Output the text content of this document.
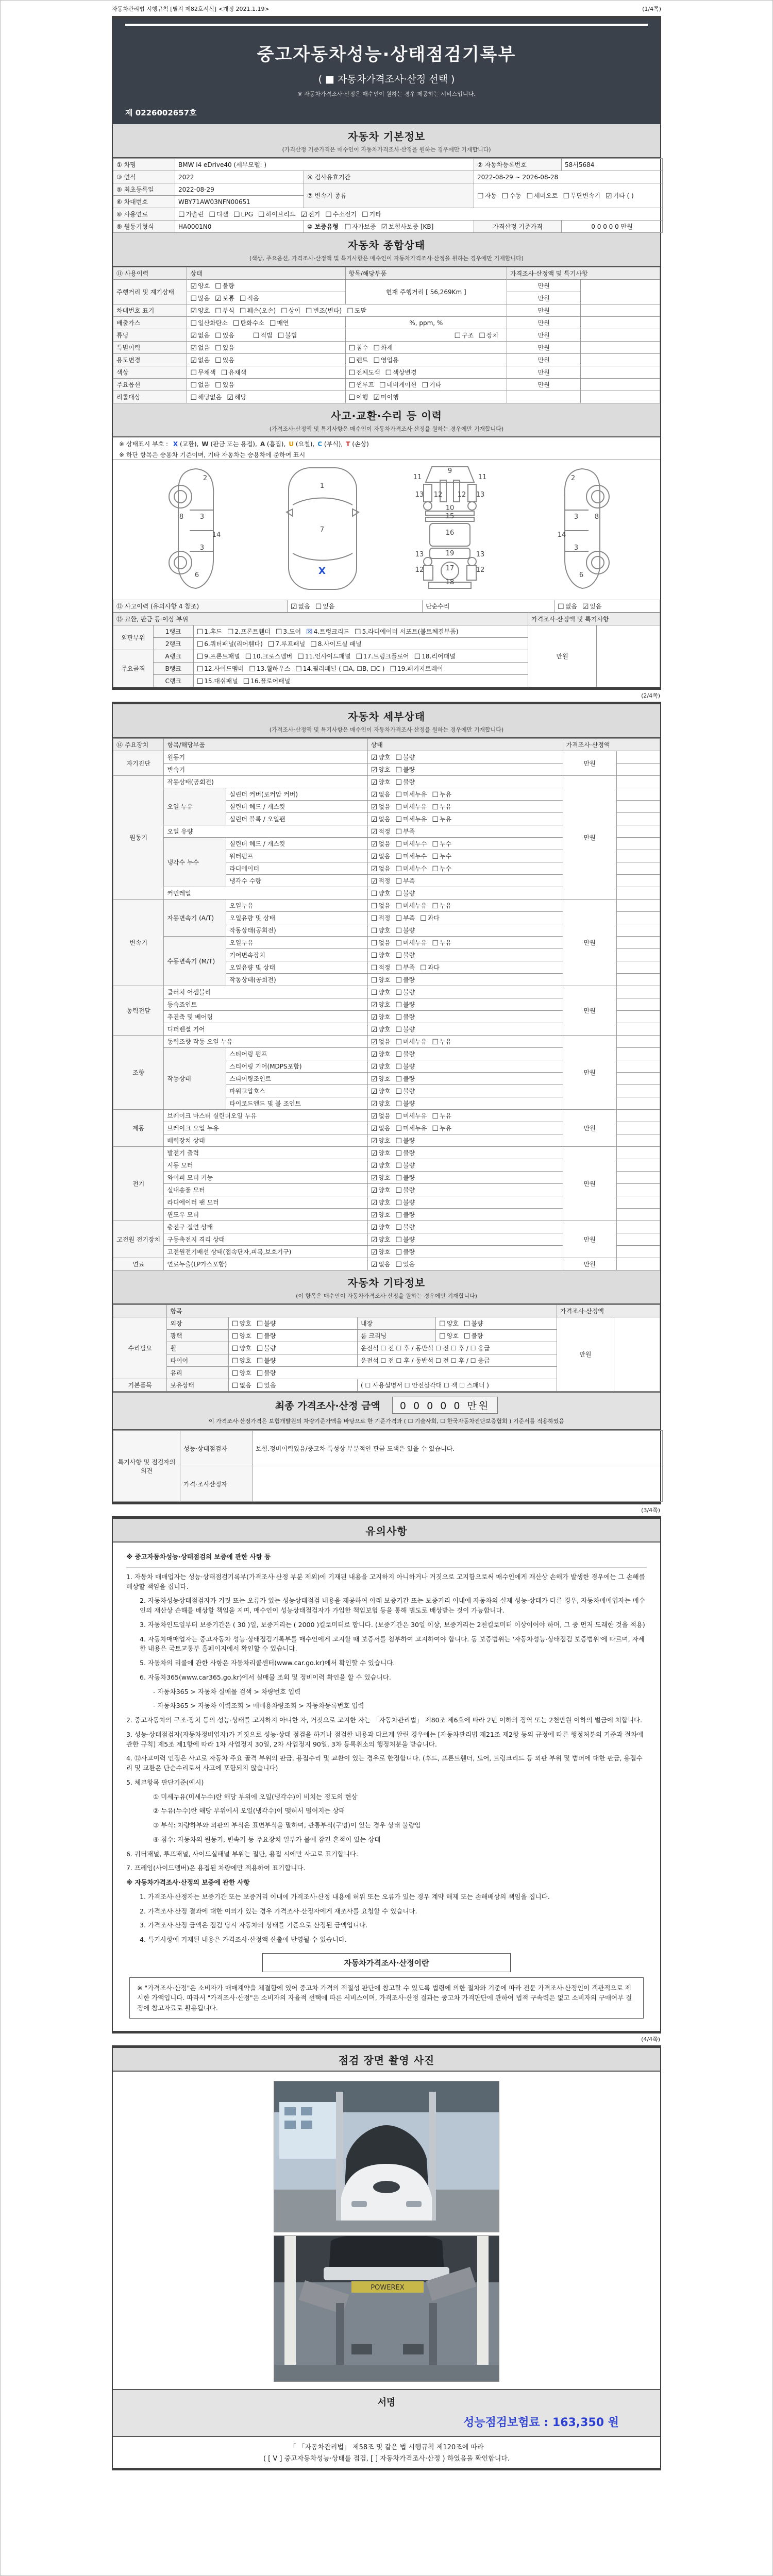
자동차관리법 시행규칙 [별지 제82호서식] <개정 2021.1.19>	(1/4쪽)
중고자동차성능·상태점검기록부
( ■ 자동차가격조사·산정 선택 )
※ 자동차가격조사·산정은 매수인이 원하는 경우 제공하는 서비스입니다.
제 0226002657호
자동차 기본정보
(가격산정 기준가격은 매수인이 자동차가격조사·산정을 원하는 경우에만 기재합니다)
① 차명	BMW i4 eDrive40 (세부모델: )		② 자동차등록번호	58서5684
③ 연식	2022	④ 검사유효기간	2022-08-29 ~ 2026-08-28	
⑤ 최초등록일	2022-08-29	⑦ 변속기 종류	☐ 자동 ☐ 수동 ☐ 세미오토 ☐ 무단변속기 ☑ 기타 ( )	
⑥ 차대번호	WBY71AW03NFN00651			
⑧ 사용연료	☐ 가솔린 ☐ 디젤 ☐ LPG ☐ 하이브리드 ☑ 전기 ☐ 수소전기 ☐ 기타			
⑨ 원동기형식	HA0001N0	⑩ 보증유형 ☐ 자가보증 ☑ 보험사보증 [KB]	가격산정 기준가격	0 0 0 0 0 만원
자동차 종합상태
(색상, 주요옵션, 가격조사·산정액 및 특기사항은 매수인이 자동차가격조사·산정을 원하는 경우에만 기재합니다)
⑪ 사용이력	상태	항목/해당부품	가격조사·산정액 및 특기사항	
주행거리 및 계기상태	☑ 양호 ☐ 불량	현재 주행거리 [ 56,269Km ]	만원	
	☐ 많음 ☑ 보통 ☐ 적음		만원	
차대번호 표기	☑ 양호 ☐ 부식 ☐ 훼손(오손) ☐ 상이 ☐ 변조(변타) ☐ 도말		만원	
배출가스	☐ 일산화탄소 ☐ 탄화수소 ☐ 매연	%, ppm, %	만원	
튜닝	☑ 없음 ☐ 있음 ☐ 적법 ☐ 불법	☐ 구조 ☐ 장치	만원	
특별이력	☑ 없음 ☐ 있음	☐ 침수 ☐ 화재	만원	
용도변경	☑ 없음 ☐ 있음	☐ 렌트 ☐ 영업용	만원	
색상	☐ 무채색 ☐ 유채색	☐ 전체도색 ☐ 색상변경	만원	
주요옵션	☐ 없음 ☐ 있음	☐ 썬루프 ☐ 네비게이션 ☐ 기타	만원	
리콜대상	☐ 해당없음 ☑ 해당	☐ 이행 ☑ 미이행		
사고·교환·수리 등 이력
(가격조사·산정액 및 특기사항은 매수인이 자동차가격조사·산정을 원하는 경우에만 기재합니다)
※ 상태표시 부호 : X (교환), W (판금 또는 용접), A (흠집), U (요철), C (부식), T (손상)
※ 하단 항목은 승용차 기준이며, 기타 자동차는 승용차에 준하여 표시
2
8 3
14
3
6
1
7
X
11	11
9
13	13
12 12
10
15
16
13	13
19
17
12	12
18
2
8
3
14
3
6
⑫ 사고이력 (유의사항 4 참조)	☑ 없음 ☐ 있음	단순수리	☐ 없음 ☑ 있음
⑬ 교환, 판금 등 이상 부위			가격조사·산정액 및 특기사항	
외판부위	1랭크	☐ 1.후드 ☐ 2.프론트휀더 ☐ 3.도어 ☒ 4.트렁크리드 ☐ 5.라디에이터 서포트(볼트체결부품)	만원	
	2랭크	☐ 6.쿼터패널(리어휀다) ☐ 7.루프패널 ☐ 8.사이드실 패널		
주요골격	A랭크	☐ 9.프론트패널 ☐ 10.크로스멤버 ☐ 11.인사이드패널 ☐ 17.트렁크플로어 ☐ 18.리어패널		
	B랭크	☐ 12.사이드멤버 ☐ 13.휠하우스 ☐ 14.필러패널 ( ☐A, ☐B, ☐C ) ☐ 19.패키지트레이		
	C랭크	☐ 15.대쉬패널 ☐ 16.플로어패널		
(2/4쪽)
자동차 세부상태
(가격조사·산정액 및 특기사항은 매수인이 자동차가격조사·산정을 원하는 경우에만 기재합니다)
⑭ 주요장치	항목/해당부품		상태	가격조사·산정액	
자기진단	원동기		☑ 양호 ☐ 불량	만원	
	변속기		☑ 양호 ☐ 불량		
원동기	작동상태(공회전)		☑ 양호 ☐ 불량	만원	
	오일 누유	실린더 커버(로커암 커버)	☑ 없음 ☐ 미세누유 ☐ 누유		
		실린더 헤드 / 개스킷	☑ 없음 ☐ 미세누유 ☐ 누유		
		실린더 블록 / 오일팬	☑ 없음 ☐ 미세누유 ☐ 누유		
	오일 유량		☑ 적정 ☐ 부족		
	냉각수 누수	실린더 헤드 / 개스킷	☑ 없음 ☐ 미세누수 ☐ 누수		
		워터펌프	☑ 없음 ☐ 미세누수 ☐ 누수		
		라디에이터	☑ 없음 ☐ 미세누수 ☐ 누수		
		냉각수 수량	☑ 적정 ☐ 부족		
	커먼레일		☐ 양호 ☐ 불량		
변속기	자동변속기 (A/T)	오일누유	☐ 없음 ☐ 미세누유 ☐ 누유	만원	
		오일유량 및 상태	☐ 적정 ☐ 부족 ☐ 과다		
		작동상태(공회전)	☐ 양호 ☐ 불량		
	수동변속기 (M/T)	오일누유	☐ 없음 ☐ 미세누유 ☐ 누유		
		기어변속장치	☐ 양호 ☐ 불량		
		오일유량 및 상태	☐ 적정 ☐ 부족 ☐ 과다		
		작동상태(공회전)	☐ 양호 ☐ 불량		
동력전달	클러치 어셈블리		☐ 양호 ☐ 불량	만원	
	등속죠인트		☑ 양호 ☐ 불량		
	추진축 및 베어링		☑ 양호 ☐ 불량		
	디퍼렌셜 기어		☑ 양호 ☐ 불량		
조향	동력조향 작동 오일 누유		☑ 없음 ☐ 미세누유 ☐ 누유	만원	
	작동상태	스티어링 펌프	☑ 양호 ☐ 불량		
		스티어링 기어(MDPS포함)	☑ 양호 ☐ 불량		
		스티어링조인트	☑ 양호 ☐ 불량		
		파워고압호스	☑ 양호 ☐ 불량		
		타이로드엔드 및 볼 조인트	☑ 양호 ☐ 불량		
제동	브레이크 마스터 실린더오일 누유		☑ 없음 ☐ 미세누유 ☐ 누유	만원	
	브레이크 오일 누유		☑ 없음 ☐ 미세누유 ☐ 누유		
	배력장치 상태		☑ 양호 ☐ 불량		
전기	발전기 출력		☑ 양호 ☐ 불량	만원	
	시동 모터		☑ 양호 ☐ 불량		
	와이퍼 모터 기능		☑ 양호 ☐ 불량		
	실내송풍 모터		☑ 양호 ☐ 불량		
	라디에이터 팬 모터		☑ 양호 ☐ 불량		
	윈도우 모터		☑ 양호 ☐ 불량		
고전원 전기장치	충전구 절연 상태		☑ 양호 ☐ 불량	만원	
	구동축전지 격리 상태		☑ 양호 ☐ 불량		
	고전원전기배선 상태(접속단자,피복,보호기구)		☑ 양호 ☐ 불량		
연료	연료누출(LP가스포함)		☑ 없음 ☐ 있음	만원	
자동차 기타정보
(이 항목은 매수인이 자동차가격조사·산정을 원하는 경우에만 기재합니다)
	항목				가격조사·산정액	
수리필요	외장	☐ 양호 ☐ 불량	내장	☐ 양호 ☐ 불량	만원	
	광택	☐ 양호 ☐ 불량	룸 크리닝	☐ 양호 ☐ 불량		
	휠	☐ 양호 ☐ 불량	운전석 ☐ 전 ☐ 후 / 동반석 ☐ 전 ☐ 후 / ☐ 응급			
	타이어	☐ 양호 ☐ 불량	운전석 ☐ 전 ☐ 후 / 동반석 ☐ 전 ☐ 후 / ☐ 응급			
	유리	☐ 양호 ☐ 불량				
기본품목	보유상태	☐ 없음 ☐ 있음	( ☐ 사용설명서 ☐ 안전삼각대 ☐ 잭 ☐ 스패너 )			
최종 가격조사·산정 금액 0 0 0 0 0 만원
이 가격조사·산정가격은 보험개발원의 차량기준가액을 바탕으로 한 기준가격과 ( ☐ 기술사회, ☐ 한국자동차진단보증협회 ) 기준서를 적용하였음
특기사항 및 점검자의 의견	성능·상태점검자	보험.정비이력있음/중고차 특성상 부분적인 판금 도색은 있을 수 있습니다.
	가격·조사산정자	
(3/4쪽)
유의사항
※ 중고자동차성능·상태점검의 보증에 관한 사항 등
1. 자동차 매매업자는 성능·상태점검기록부(가격조사·산정 부분 제외)에 기재된 내용을 고지하지 아니하거나 거짓으로 고지함으로써 매수인에게 재산상 손해가 발생한 경우에는 그 손해를 배상할 책임을 집니다.
2. 자동차성능상태점검자가 거짓 또는 오류가 있는 성능상태점검 내용을 제공하여 아래 보증기간 또는 보증거리 이내에 자동차의 실제 성능·상태가 다른 경우, 자동차매매업자는 매수인의 재산상 손해를 배상할 책임을 지며, 매수인이 성능상태점검자가 가입한 책임보험 등을 통해 별도로 배상받는 것이 가능합니다.
3. 자동차인도일부터 보증기간은 ( 30 )일, 보증거리는 ( 2000 )킬로미터로 합니다. (보증기간은 30일 이상, 보증거리는 2천킬로미터 이상이어야 하며, 그 중 먼저 도래한 것을 적용)
4. 자동차매매업자는 중고자동차 성능·상태점검기록부를 매수인에게 고지할 때 보증서를 첨부하여 고지하여야 합니다. 동 보증범위는 '자동차성능·상태점검 보증범위'에 따르며, 자세한 내용은 국토교통부 홈페이지에서 확인할 수 있습니다.
5. 자동차의 리콜에 관한 사항은 자동차리콜센터(www.car.go.kr)에서 확인할 수 있습니다.
6. 자동차365(www.car365.go.kr)에서 실매물 조회 및 정비이력 확인을 할 수 있습니다.
- 자동차365 > 자동차 실매물 검색 > 차량번호 입력
- 자동차365 > 자동차 이력조회 > 매매용차량조회 > 자동차등록번호 입력
2. 중고자동차의 구조·장치 등의 성능·상태를 고지하지 아니한 자, 거짓으로 고지한 자는 「자동차관리법」 제80조 제6호에 따라 2년 이하의 징역 또는 2천만원 이하의 벌금에 처합니다.
3. 성능·상태점검자(자동차정비업자)가 거짓으로 성능·상태 점검을 하거나 점검한 내용과 다르게 알린 경우에는 [자동차관리법 제21조 제2항 등의 규정에 따른 행정처분의 기준과 절차에 관한 규칙] 제5조 제1항에 따라 1차 사업정지 30일, 2차 사업정지 90일, 3차 등록취소의 행정처분을 받습니다.
4. ⑫사고이력 인정은 사고로 자동차 주요 골격 부위의 판금, 용접수리 및 교환이 있는 경우로 한정합니다. (후드, 프론트휀더, 도어, 트렁크리드 등 외판 부위 및 범퍼에 대한 판금, 용접수리 및 교환은 단순수리로서 사고에 포함되지 않습니다)
5. 체크항목 판단기준(예시)
① 미세누유(미세누수)란 해당 부위에 오일(냉각수)이 비치는 정도의 현상
② 누유(누수)란 해당 부위에서 오일(냉각수)이 맺혀서 떨어지는 상태
③ 부식: 차량하부와 외판의 부식은 표면부식을 말하며, 관통부식(구멍)이 있는 경우 상태 불량임
④ 침수: 자동차의 원동기, 변속기 등 주요장치 일부가 물에 잠긴 흔적이 있는 상태
6. 쿼터패널, 루프패널, 사이드실패널 부위는 절단, 용접 시에만 사고로 표기합니다.
7. 프레임(사이드멤버)은 용접된 차량에만 적용하여 표기합니다.
※ 자동차가격조사·산정의 보증에 관한 사항
1. 가격조사·산정자는 보증기간 또는 보증거리 이내에 가격조사·산정 내용에 허위 또는 오류가 있는 경우 계약 해제 또는 손해배상의 책임을 집니다.
2. 가격조사·산정 결과에 대한 이의가 있는 경우 가격조사·산정자에게 재조사를 요청할 수 있습니다.
3. 가격조사·산정 금액은 점검 당시 자동차의 상태를 기준으로 산정된 금액입니다.
4. 특기사항에 기재된 내용은 가격조사·산정액 산출에 반영될 수 있습니다.
자동차가격조사·산정이란
※ "가격조사·산정"은 소비자가 매매계약을 체결함에 있어 중고차 가격의 적절성 판단에 참고할 수 있도록 법령에 의한 절차와 기준에 따라 전문 가격조사·산정인이 객관적으로 제시한 가액입니다. 따라서 "가격조사·산정"은 소비자의 자율적 선택에 따른 서비스이며, 가격조사·산정 결과는 중고차 가격판단에 관하여 법적 구속력은 없고 소비자의 구매여부 결정에 참고자료로 활용됩니다.
(4/4쪽)
점검 장면 촬영 사진
POWEREX
서명
성능점검보험료 : 163,350 원
「 「자동차관리법」 제58조 및 같은 법 시행규칙 제120조에 따라
( [ V ] 중고자동차성능·상태를 점검, [ ] 자동차가격조사·산정 ) 하였음을 확인합니다.
